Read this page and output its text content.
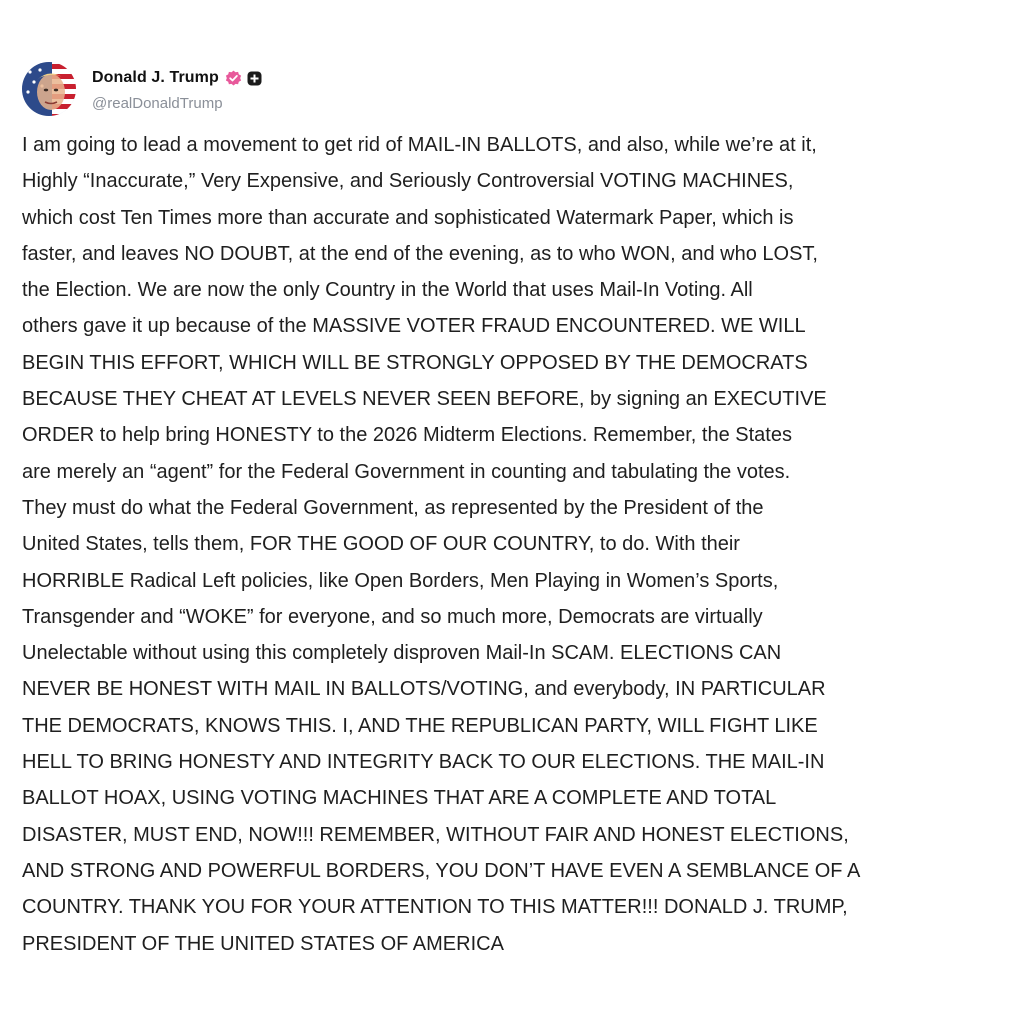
Donald J. Trump
@realDonaldTrump

I am going to lead a movement to get rid of MAIL-IN BALLOTS, and also, while we’re at it,
Highly “Inaccurate,” Very Expensive, and Seriously Controversial VOTING MACHINES,
which cost Ten Times more than accurate and sophisticated Watermark Paper, which is
faster, and leaves NO DOUBT, at the end of the evening, as to who WON, and who LOST,
the Election. We are now the only Country in the World that uses Mail-In Voting. All
others gave it up because of the MASSIVE VOTER FRAUD ENCOUNTERED. WE WILL
BEGIN THIS EFFORT, WHICH WILL BE STRONGLY OPPOSED BY THE DEMOCRATS
BECAUSE THEY CHEAT AT LEVELS NEVER SEEN BEFORE, by signing an EXECUTIVE
ORDER to help bring HONESTY to the 2026 Midterm Elections. Remember, the States
are merely an “agent” for the Federal Government in counting and tabulating the votes.
They must do what the Federal Government, as represented by the President of the
United States, tells them, FOR THE GOOD OF OUR COUNTRY, to do. With their
HORRIBLE Radical Left policies, like Open Borders, Men Playing in Women’s Sports,
Transgender and “WOKE” for everyone, and so much more, Democrats are virtually
Unelectable without using this completely disproven Mail-In SCAM. ELECTIONS CAN
NEVER BE HONEST WITH MAIL IN BALLOTS/VOTING, and everybody, IN PARTICULAR
THE DEMOCRATS, KNOWS THIS. I, AND THE REPUBLICAN PARTY, WILL FIGHT LIKE
HELL TO BRING HONESTY AND INTEGRITY BACK TO OUR ELECTIONS. THE MAIL-IN
BALLOT HOAX, USING VOTING MACHINES THAT ARE A COMPLETE AND TOTAL
DISASTER, MUST END, NOW!!! REMEMBER, WITHOUT FAIR AND HONEST ELECTIONS,
AND STRONG AND POWERFUL BORDERS, YOU DON’T HAVE EVEN A SEMBLANCE OF A
COUNTRY. THANK YOU FOR YOUR ATTENTION TO THIS MATTER!!! DONALD J. TRUMP,
PRESIDENT OF THE UNITED STATES OF AMERICA
